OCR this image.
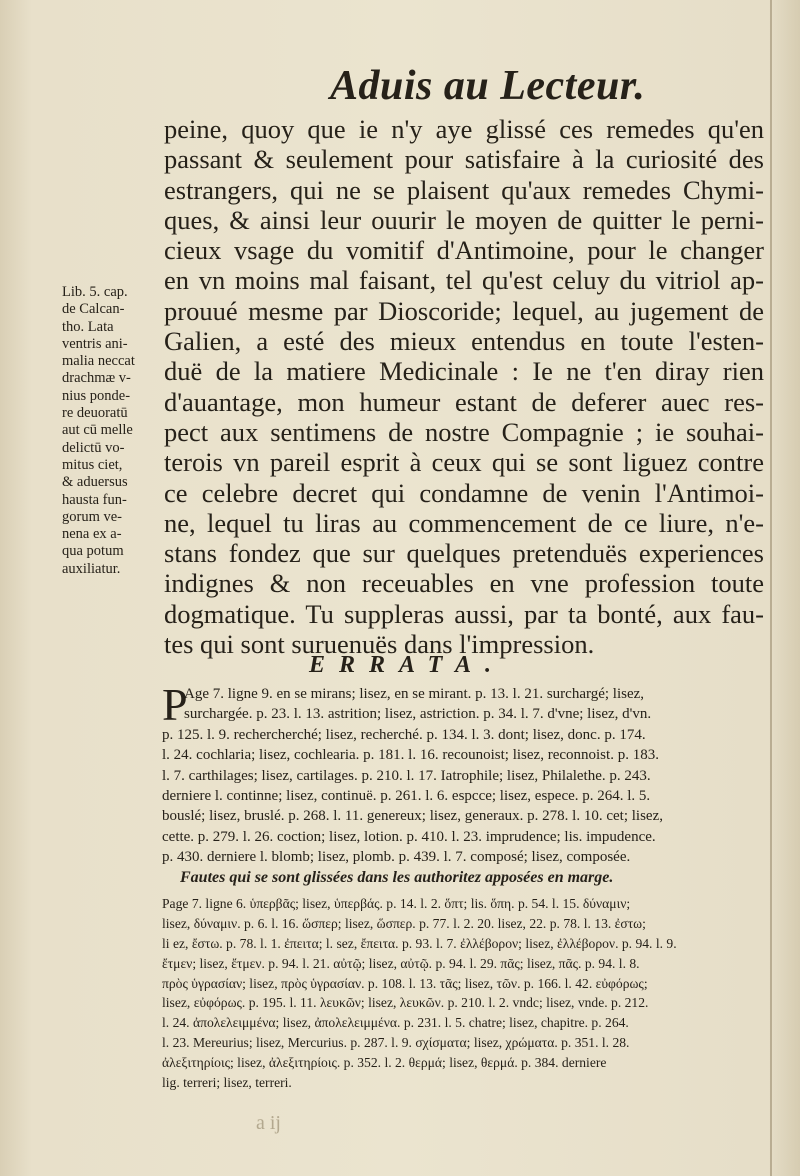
Aduis au Lecteur.
peine, quoy que ie n'y aye glissé ces remedes qu'en
passant & seulement pour satisfaire à la curiosité des
estrangers, qui ne se plaisent qu'aux remedes Chymi-
ques, & ainsi leur ouurir le moyen de quitter le perni-
cieux vsage du vomitif d'Antimoine, pour le changer
en vn moins mal faisant, tel qu'est celuy du vitriol ap-
prouué mesme par Dioscoride; lequel, au jugement de
Galien, a esté des mieux entendus en toute l'esten-
duë de la matiere Medicinale : Ie ne t'en diray rien
d'auantage, mon humeur estant de deferer auec res-
pect aux sentimens de nostre Compagnie ; ie souhai-
terois vn pareil esprit à ceux qui se sont liguez contre
ce celebre decret qui condamne de venin l'Antimoi-
ne, lequel tu liras au commencement de ce liure, n'e-
stans fondez que sur quelques pretenduës experiences
indignes & non receuables en vne profession toute
dogmatique. Tu suppleras aussi, par ta bonté, aux fau-
tes qui sont suruenuës dans l'impression.
Lib. 5. cap.
de Calcan-
tho. Lata
ventris ani-
malia neccat
drachmæ v-
nius ponde-
re deuoratū
aut cū melle
delictū vo-
mitus ciet,
& aduersus
hausta fun-
gorum ve-
nena ex a-
qua potum
auxiliatur.
ERRATA.
P
Age 7. ligne 9. en se mirans; lisez, en se mirant. p. 13. l. 21. surchargé; lisez,
surchargée. p. 23. l. 13. astrition; lisez, astriction. p. 34. l. 7. d'vne; lisez, d'vn.
p. 125. l. 9. rechercherché; lisez, recherché. p. 134. l. 3. dont; lisez, donc. p. 174.
l. 24. cochlaria; lisez, cochlearia. p. 181. l. 16. recounoist; lisez, reconnoist. p. 183.
l. 7. carthilages; lisez, cartilages. p. 210. l. 17. Iatrophile; lisez, Philalethe. p. 243.
derniere l. continne; lisez, continuë. p. 261. l. 6. espcce; lisez, espece. p. 264. l. 5.
bouslé; lisez, bruslé. p. 268. l. 11. genereux; lisez, generaux. p. 278. l. 10. cet; lisez,
cette. p. 279. l. 26. coction; lisez, lotion. p. 410. l. 23. imprudence; lis. impudence.
p. 430. derniere l. blomb; lisez, plomb. p. 439. l. 7. composé; lisez, composée.
Fautes qui se sont glissées dans les authoritez apposées en marge.
Page 7. ligne 6. ὑπερβᾶς; lisez, ὑπερβάς. p. 14. l. 2. ὅπτ; lis. ὅπη. p. 54. l. 15. δύναμιν;
lisez, δύναμιν. p. 6. l. 16. ὥσπερ; lisez, ὥσπερ. p. 77. l. 2. 20. lisez, 22. p. 78. l. 13. ἐστω;
li ez, ἔστω. p. 78. l. 1. ἐπειτα; l. sez, ἔπειτα. p. 93. l. 7. ἐλλέβορον; lisez, ἐλλέβορον. p. 94. l. 9.
ἔτμεν; lisez, ἔτμεν. p. 94. l. 21. αὐτῷ; lisez, αὐτῷ. p. 94. l. 29. πᾶς; lisez, πᾶς. p. 94. l. 8.
πρὸς ὑγρασίαν; lisez, πρὸς ὑγρασίαν. p. 108. l. 13. τᾶς; lisez, τῶν. p. 166. l. 42. εὐφόρως;
lisez, εὐφόρως. p. 195. l. 11. λευκῶν; lisez, λευκῶν. p. 210. l. 2. vndc; lisez, vnde. p. 212.
l. 24. ἀπολελειμμένα; lisez, ἀπολελειμμένα. p. 231. l. 5. chatre; lisez, chapitre. p. 264.
l. 23. Mereurius; lisez, Mercurius. p. 287. l. 9. σχίσματα; lisez, χρώματα. p. 351. l. 28.
ἀλεξιτηρίοις; lisez, ἀλεξιτηρίοις. p. 352. l. 2. θερμά; lisez, θερμά. p. 384. derniere
lig. terreri; lisez, terreri.
a ij
